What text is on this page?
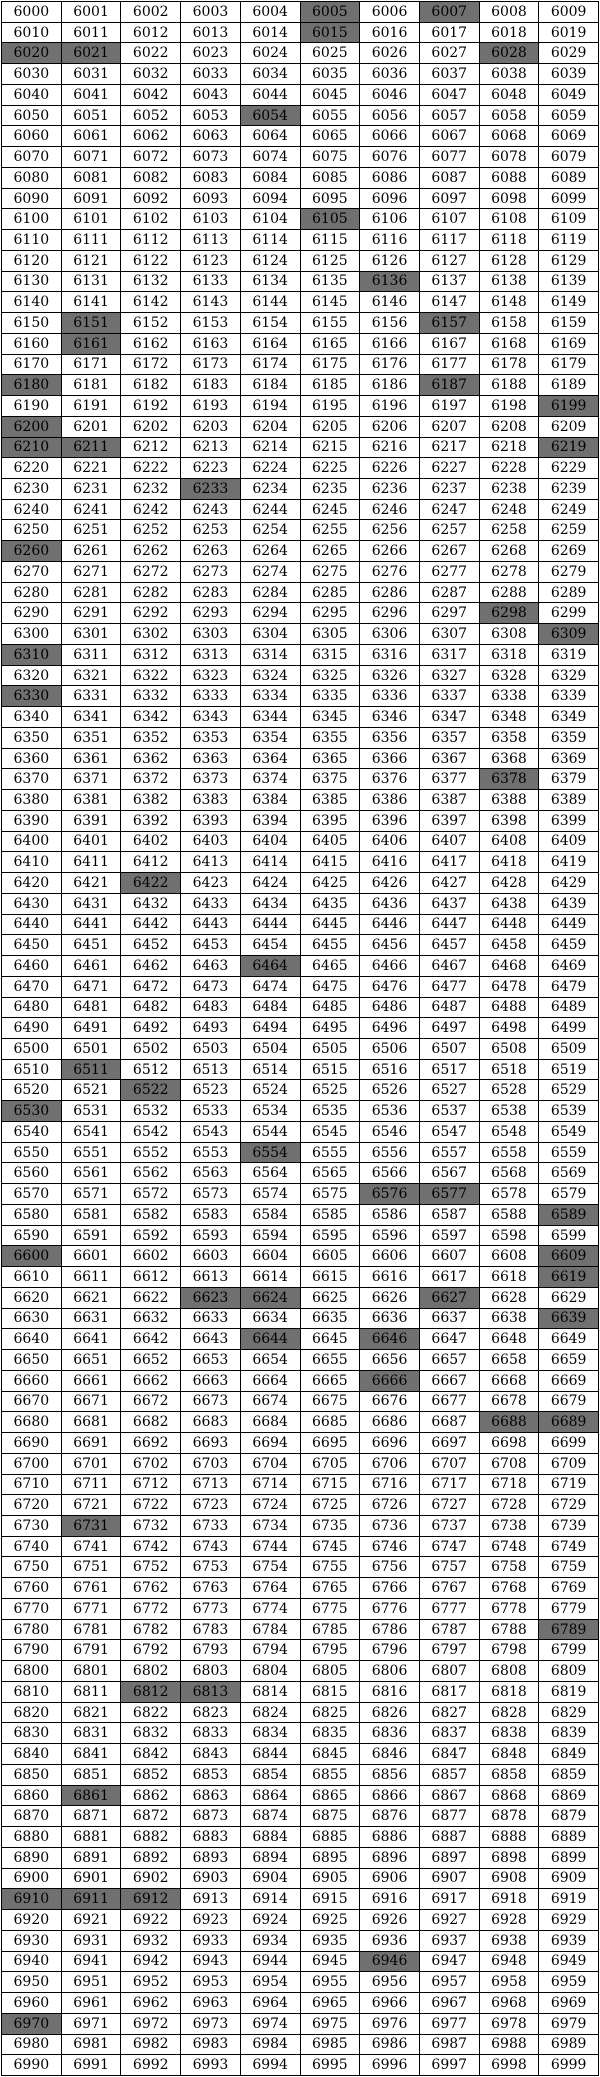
6000	6001	6002	6003	6004	6005	6006	6007	6008	6009
6010	6011	6012	6013	6014	6015	6016	6017	6018	6019
6020	6021	6022	6023	6024	6025	6026	6027	6028	6029
6030	6031	6032	6033	6034	6035	6036	6037	6038	6039
6040	6041	6042	6043	6044	6045	6046	6047	6048	6049
6050	6051	6052	6053	6054	6055	6056	6057	6058	6059
6060	6061	6062	6063	6064	6065	6066	6067	6068	6069
6070	6071	6072	6073	6074	6075	6076	6077	6078	6079
6080	6081	6082	6083	6084	6085	6086	6087	6088	6089
6090	6091	6092	6093	6094	6095	6096	6097	6098	6099
6100	6101	6102	6103	6104	6105	6106	6107	6108	6109
6110	6111	6112	6113	6114	6115	6116	6117	6118	6119
6120	6121	6122	6123	6124	6125	6126	6127	6128	6129
6130	6131	6132	6133	6134	6135	6136	6137	6138	6139
6140	6141	6142	6143	6144	6145	6146	6147	6148	6149
6150	6151	6152	6153	6154	6155	6156	6157	6158	6159
6160	6161	6162	6163	6164	6165	6166	6167	6168	6169
6170	6171	6172	6173	6174	6175	6176	6177	6178	6179
6180	6181	6182	6183	6184	6185	6186	6187	6188	6189
6190	6191	6192	6193	6194	6195	6196	6197	6198	6199
6200	6201	6202	6203	6204	6205	6206	6207	6208	6209
6210	6211	6212	6213	6214	6215	6216	6217	6218	6219
6220	6221	6222	6223	6224	6225	6226	6227	6228	6229
6230	6231	6232	6233	6234	6235	6236	6237	6238	6239
6240	6241	6242	6243	6244	6245	6246	6247	6248	6249
6250	6251	6252	6253	6254	6255	6256	6257	6258	6259
6260	6261	6262	6263	6264	6265	6266	6267	6268	6269
6270	6271	6272	6273	6274	6275	6276	6277	6278	6279
6280	6281	6282	6283	6284	6285	6286	6287	6288	6289
6290	6291	6292	6293	6294	6295	6296	6297	6298	6299
6300	6301	6302	6303	6304	6305	6306	6307	6308	6309
6310	6311	6312	6313	6314	6315	6316	6317	6318	6319
6320	6321	6322	6323	6324	6325	6326	6327	6328	6329
6330	6331	6332	6333	6334	6335	6336	6337	6338	6339
6340	6341	6342	6343	6344	6345	6346	6347	6348	6349
6350	6351	6352	6353	6354	6355	6356	6357	6358	6359
6360	6361	6362	6363	6364	6365	6366	6367	6368	6369
6370	6371	6372	6373	6374	6375	6376	6377	6378	6379
6380	6381	6382	6383	6384	6385	6386	6387	6388	6389
6390	6391	6392	6393	6394	6395	6396	6397	6398	6399
6400	6401	6402	6403	6404	6405	6406	6407	6408	6409
6410	6411	6412	6413	6414	6415	6416	6417	6418	6419
6420	6421	6422	6423	6424	6425	6426	6427	6428	6429
6430	6431	6432	6433	6434	6435	6436	6437	6438	6439
6440	6441	6442	6443	6444	6445	6446	6447	6448	6449
6450	6451	6452	6453	6454	6455	6456	6457	6458	6459
6460	6461	6462	6463	6464	6465	6466	6467	6468	6469
6470	6471	6472	6473	6474	6475	6476	6477	6478	6479
6480	6481	6482	6483	6484	6485	6486	6487	6488	6489
6490	6491	6492	6493	6494	6495	6496	6497	6498	6499
6500	6501	6502	6503	6504	6505	6506	6507	6508	6509
6510	6511	6512	6513	6514	6515	6516	6517	6518	6519
6520	6521	6522	6523	6524	6525	6526	6527	6528	6529
6530	6531	6532	6533	6534	6535	6536	6537	6538	6539
6540	6541	6542	6543	6544	6545	6546	6547	6548	6549
6550	6551	6552	6553	6554	6555	6556	6557	6558	6559
6560	6561	6562	6563	6564	6565	6566	6567	6568	6569
6570	6571	6572	6573	6574	6575	6576	6577	6578	6579
6580	6581	6582	6583	6584	6585	6586	6587	6588	6589
6590	6591	6592	6593	6594	6595	6596	6597	6598	6599
6600	6601	6602	6603	6604	6605	6606	6607	6608	6609
6610	6611	6612	6613	6614	6615	6616	6617	6618	6619
6620	6621	6622	6623	6624	6625	6626	6627	6628	6629
6630	6631	6632	6633	6634	6635	6636	6637	6638	6639
6640	6641	6642	6643	6644	6645	6646	6647	6648	6649
6650	6651	6652	6653	6654	6655	6656	6657	6658	6659
6660	6661	6662	6663	6664	6665	6666	6667	6668	6669
6670	6671	6672	6673	6674	6675	6676	6677	6678	6679
6680	6681	6682	6683	6684	6685	6686	6687	6688	6689
6690	6691	6692	6693	6694	6695	6696	6697	6698	6699
6700	6701	6702	6703	6704	6705	6706	6707	6708	6709
6710	6711	6712	6713	6714	6715	6716	6717	6718	6719
6720	6721	6722	6723	6724	6725	6726	6727	6728	6729
6730	6731	6732	6733	6734	6735	6736	6737	6738	6739
6740	6741	6742	6743	6744	6745	6746	6747	6748	6749
6750	6751	6752	6753	6754	6755	6756	6757	6758	6759
6760	6761	6762	6763	6764	6765	6766	6767	6768	6769
6770	6771	6772	6773	6774	6775	6776	6777	6778	6779
6780	6781	6782	6783	6784	6785	6786	6787	6788	6789
6790	6791	6792	6793	6794	6795	6796	6797	6798	6799
6800	6801	6802	6803	6804	6805	6806	6807	6808	6809
6810	6811	6812	6813	6814	6815	6816	6817	6818	6819
6820	6821	6822	6823	6824	6825	6826	6827	6828	6829
6830	6831	6832	6833	6834	6835	6836	6837	6838	6839
6840	6841	6842	6843	6844	6845	6846	6847	6848	6849
6850	6851	6852	6853	6854	6855	6856	6857	6858	6859
6860	6861	6862	6863	6864	6865	6866	6867	6868	6869
6870	6871	6872	6873	6874	6875	6876	6877	6878	6879
6880	6881	6882	6883	6884	6885	6886	6887	6888	6889
6890	6891	6892	6893	6894	6895	6896	6897	6898	6899
6900	6901	6902	6903	6904	6905	6906	6907	6908	6909
6910	6911	6912	6913	6914	6915	6916	6917	6918	6919
6920	6921	6922	6923	6924	6925	6926	6927	6928	6929
6930	6931	6932	6933	6934	6935	6936	6937	6938	6939
6940	6941	6942	6943	6944	6945	6946	6947	6948	6949
6950	6951	6952	6953	6954	6955	6956	6957	6958	6959
6960	6961	6962	6963	6964	6965	6966	6967	6968	6969
6970	6971	6972	6973	6974	6975	6976	6977	6978	6979
6980	6981	6982	6983	6984	6985	6986	6987	6988	6989
6990	6991	6992	6993	6994	6995	6996	6997	6998	6999
